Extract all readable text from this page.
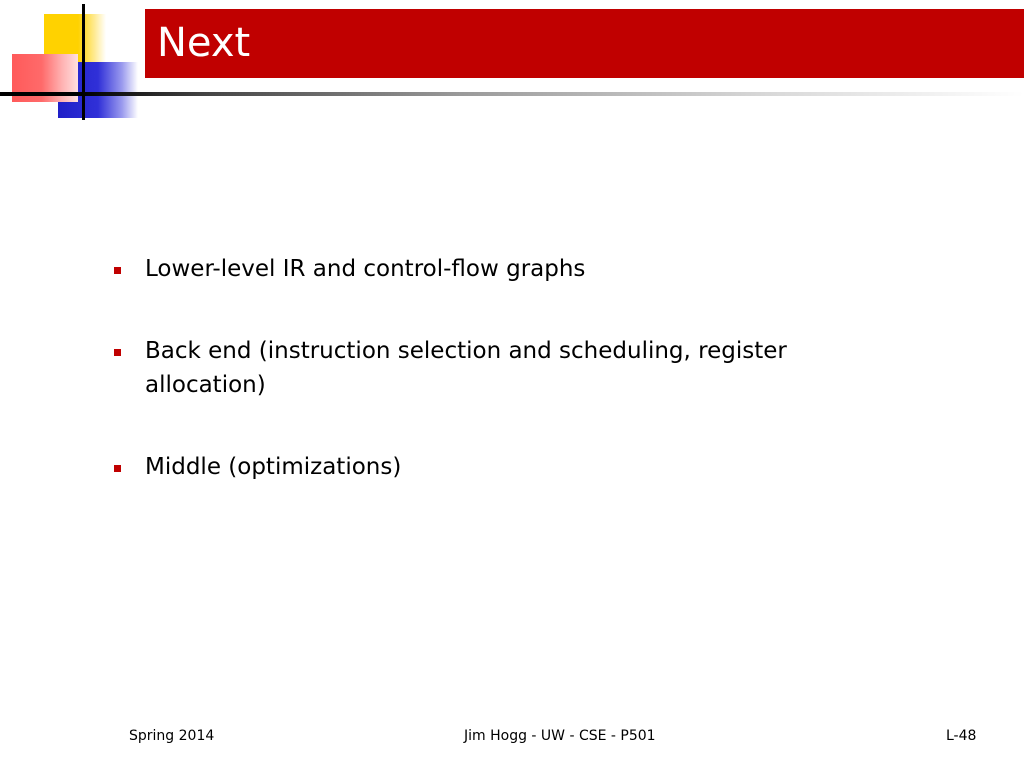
Next
Lower-level IR and control-flow graphs
Back end (instruction selection and scheduling, register allocation)
Middle (optimizations)
Spring 2014	Jim Hogg - UW - CSE - P501	L-48
